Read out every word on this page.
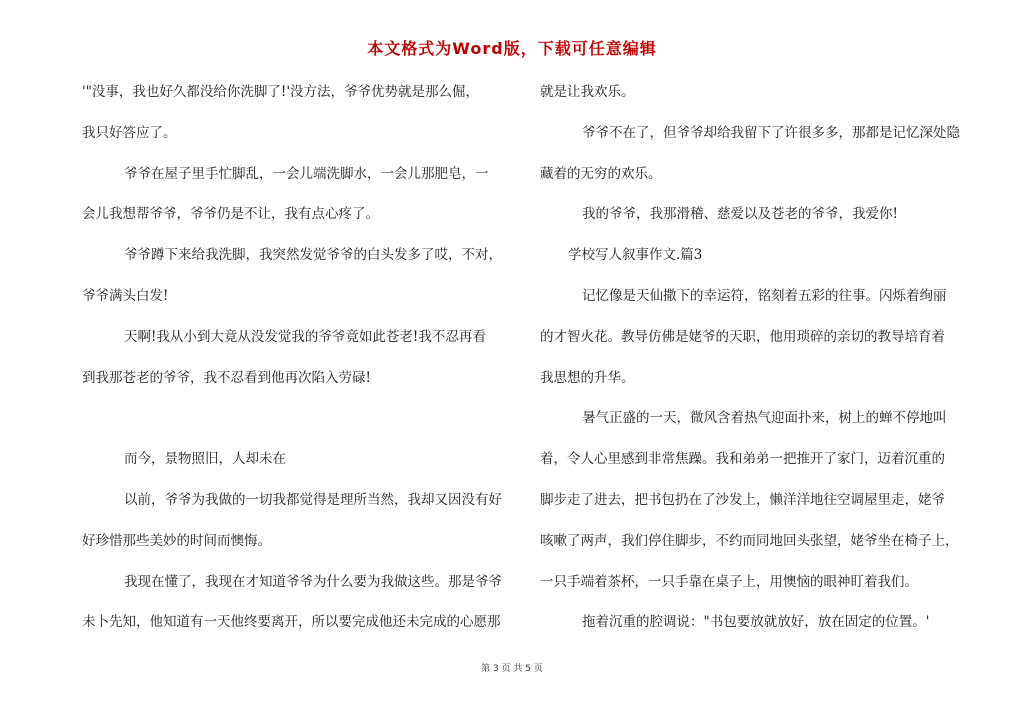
本文格式为Word版，下载可任意编辑
'"没事，我也好久都没给你洗脚了!'没方法，爷爷优势就是那么倔，
我只好答应了。
爷爷在屋子里手忙脚乱，一会儿端洗脚水，一会儿那肥皂，一
会儿我想帮爷爷，爷爷仍是不让，我有点心疼了。
爷爷蹲下来给我洗脚，我突然发觉爷爷的白头发多了哎，不对，
爷爷满头白发!
天啊!我从小到大竟从没发觉我的爷爷竟如此苍老!我不忍再看
到我那苍老的爷爷，我不忍看到他再次陷入劳碌!
而今，景物照旧，人却未在
以前，爷爷为我做的一切我都觉得是理所当然，我却又因没有好
好珍惜那些美妙的时间而懊悔。
我现在懂了，我现在才知道爷爷为什么要为我做这些。那是爷爷
未卜先知，他知道有一天他终要离开，所以要完成他还未完成的心愿那
就是让我欢乐。
爷爷不在了，但爷爷却给我留下了许很多多，那都是记忆深处隐
藏着的无穷的欢乐。
我的爷爷，我那滑稽、慈爱以及苍老的爷爷，我爱你!
学校写人叙事作文.篇3
记忆像是天仙撒下的幸运符，铭刻着五彩的往事。闪烁着绚丽
的才智火花。教导仿佛是姥爷的天职，他用琐碎的亲切的教导培育着
我思想的升华。
暑气正盛的一天，微风含着热气迎面扑来，树上的蝉不停地叫
着，令人心里感到非常焦躁。我和弟弟一把推开了家门，迈着沉重的
脚步走了进去，把书包扔在了沙发上，懒洋洋地往空调屋里走，姥爷
咳嗽了两声，我们停住脚步，不约而同地回头张望，姥爷坐在椅子上，
一只手端着茶杯，一只手靠在桌子上，用懊恼的眼神盯着我们。
拖着沉重的腔调说："书包要放就放好，放在固定的位置。'
第 3 页 共 5 页
